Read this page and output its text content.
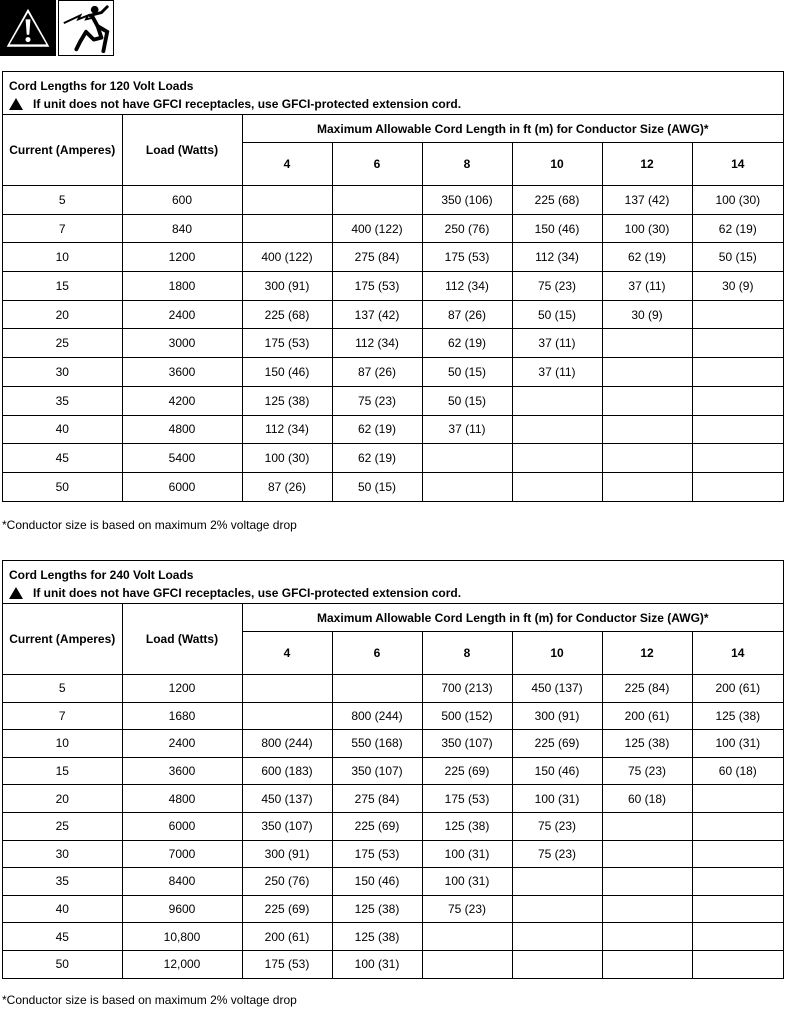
Cord Lengths for 120 Volt Loads
If unit does not have GFCI receptacles, use GFCI-protected extension cord.
Current (Amperes)	Load (Watts)	Maximum Allowable Cord Length in ft (m) for Conductor Size (AWG)*					
		4	6	8	10	12	14
5	600			350 (106)	225 (68)	137 (42)	100 (30)
7	840		400 (122)	250 (76)	150 (46)	100 (30)	62 (19)
10	1200	400 (122)	275 (84)	175 (53)	112 (34)	62 (19)	50 (15)
15	1800	300 (91)	175 (53)	112 (34)	75 (23)	37 (11)	30 (9)
20	2400	225 (68)	137 (42)	87 (26)	50 (15)	30 (9)	
25	3000	175 (53)	112 (34)	62 (19)	37 (11)		
30	3600	150 (46)	87 (26)	50 (15)	37 (11)		
35	4200	125 (38)	75 (23)	50 (15)			
40	4800	112 (34)	62 (19)	37 (11)			
45	5400	100 (30)	62 (19)				
50	6000	87 (26)	50 (15)				
*Conductor size is based on maximum 2% voltage drop
Cord Lengths for 240 Volt Loads
If unit does not have GFCI receptacles, use GFCI-protected extension cord.
Current (Amperes)	Load (Watts)	Maximum Allowable Cord Length in ft (m) for Conductor Size (AWG)*					
		4	6	8	10	12	14
5	1200			700 (213)	450 (137)	225 (84)	200 (61)
7	1680		800 (244)	500 (152)	300 (91)	200 (61)	125 (38)
10	2400	800 (244)	550 (168)	350 (107)	225 (69)	125 (38)	100 (31)
15	3600	600 (183)	350 (107)	225 (69)	150 (46)	75 (23)	60 (18)
20	4800	450 (137)	275 (84)	175 (53)	100 (31)	60 (18)	
25	6000	350 (107)	225 (69)	125 (38)	75 (23)		
30	7000	300 (91)	175 (53)	100 (31)	75 (23)		
35	8400	250 (76)	150 (46)	100 (31)			
40	9600	225 (69)	125 (38)	75 (23)			
45	10,800	200 (61)	125 (38)				
50	12,000	175 (53)	100 (31)				
*Conductor size is based on maximum 2% voltage drop
